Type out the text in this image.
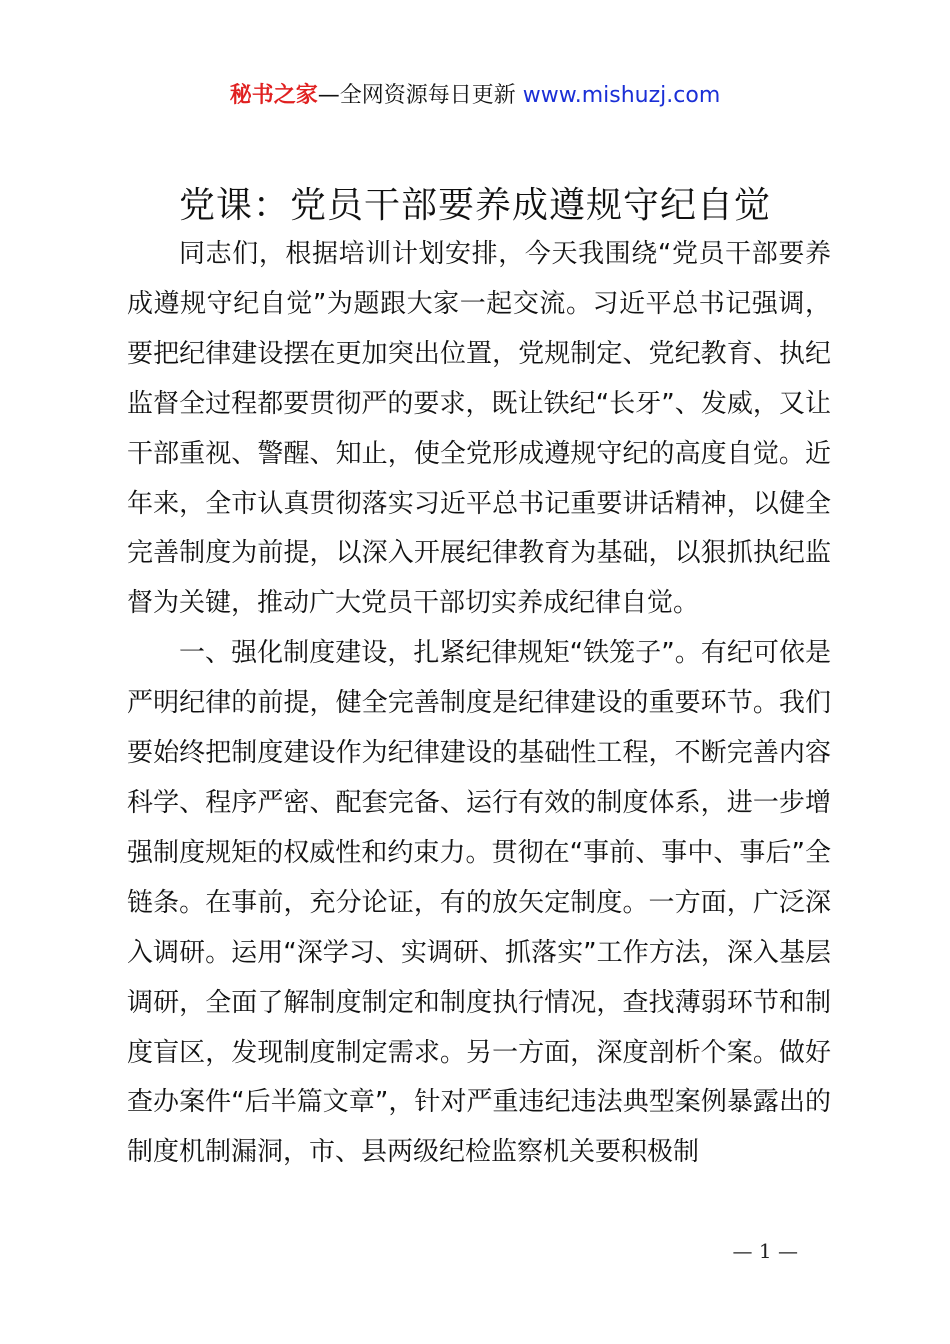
秘书之家—全网资源每日更新 www.mishuzj.com
党课：党员干部要养成遵规守纪自觉

同志们，根据培训计划安排，今天我围绕“党员干部要养成遵规守纪自觉”为题跟大家一起交流。习近平总书记强调，要把纪律建设摆在更加突出位置，党规制定、党纪教育、执纪监督全过程都要贯彻严的要求，既让铁纪“长牙”、发威，又让干部重视、警醒、知止，使全党形成遵规守纪的高度自觉。近年来，全市认真贯彻落实习近平总书记重要讲话精神，以健全完善制度为前提，以深入开展纪律教育为基础，以狠抓执纪监督为关键，推动广大党员干部切实养成纪律自觉。

一、强化制度建设，扎紧纪律规矩“铁笼子”。有纪可依是严明纪律的前提，健全完善制度是纪律建设的重要环节。我们要始终把制度建设作为纪律建设的基础性工程，不断完善内容科学、程序严密、配套完备、运行有效的制度体系，进一步增强制度规矩的权威性和约束力。贯彻在“事前、事中、事后”全链条。在事前，充分论证，有的放矢定制度。一方面，广泛深入调研。运用“深学习、实调研、抓落实”工作方法，深入基层调研，全面了解制度制定和制度执行情况，查找薄弱环节和制度盲区，发现制度制定需求。另一方面，深度剖析个案。做好查办案件“后半篇文章”，针对严重违纪违法典型案例暴露出的制度机制漏洞，市、县两级纪检监察机关要积极制

— 1 —
